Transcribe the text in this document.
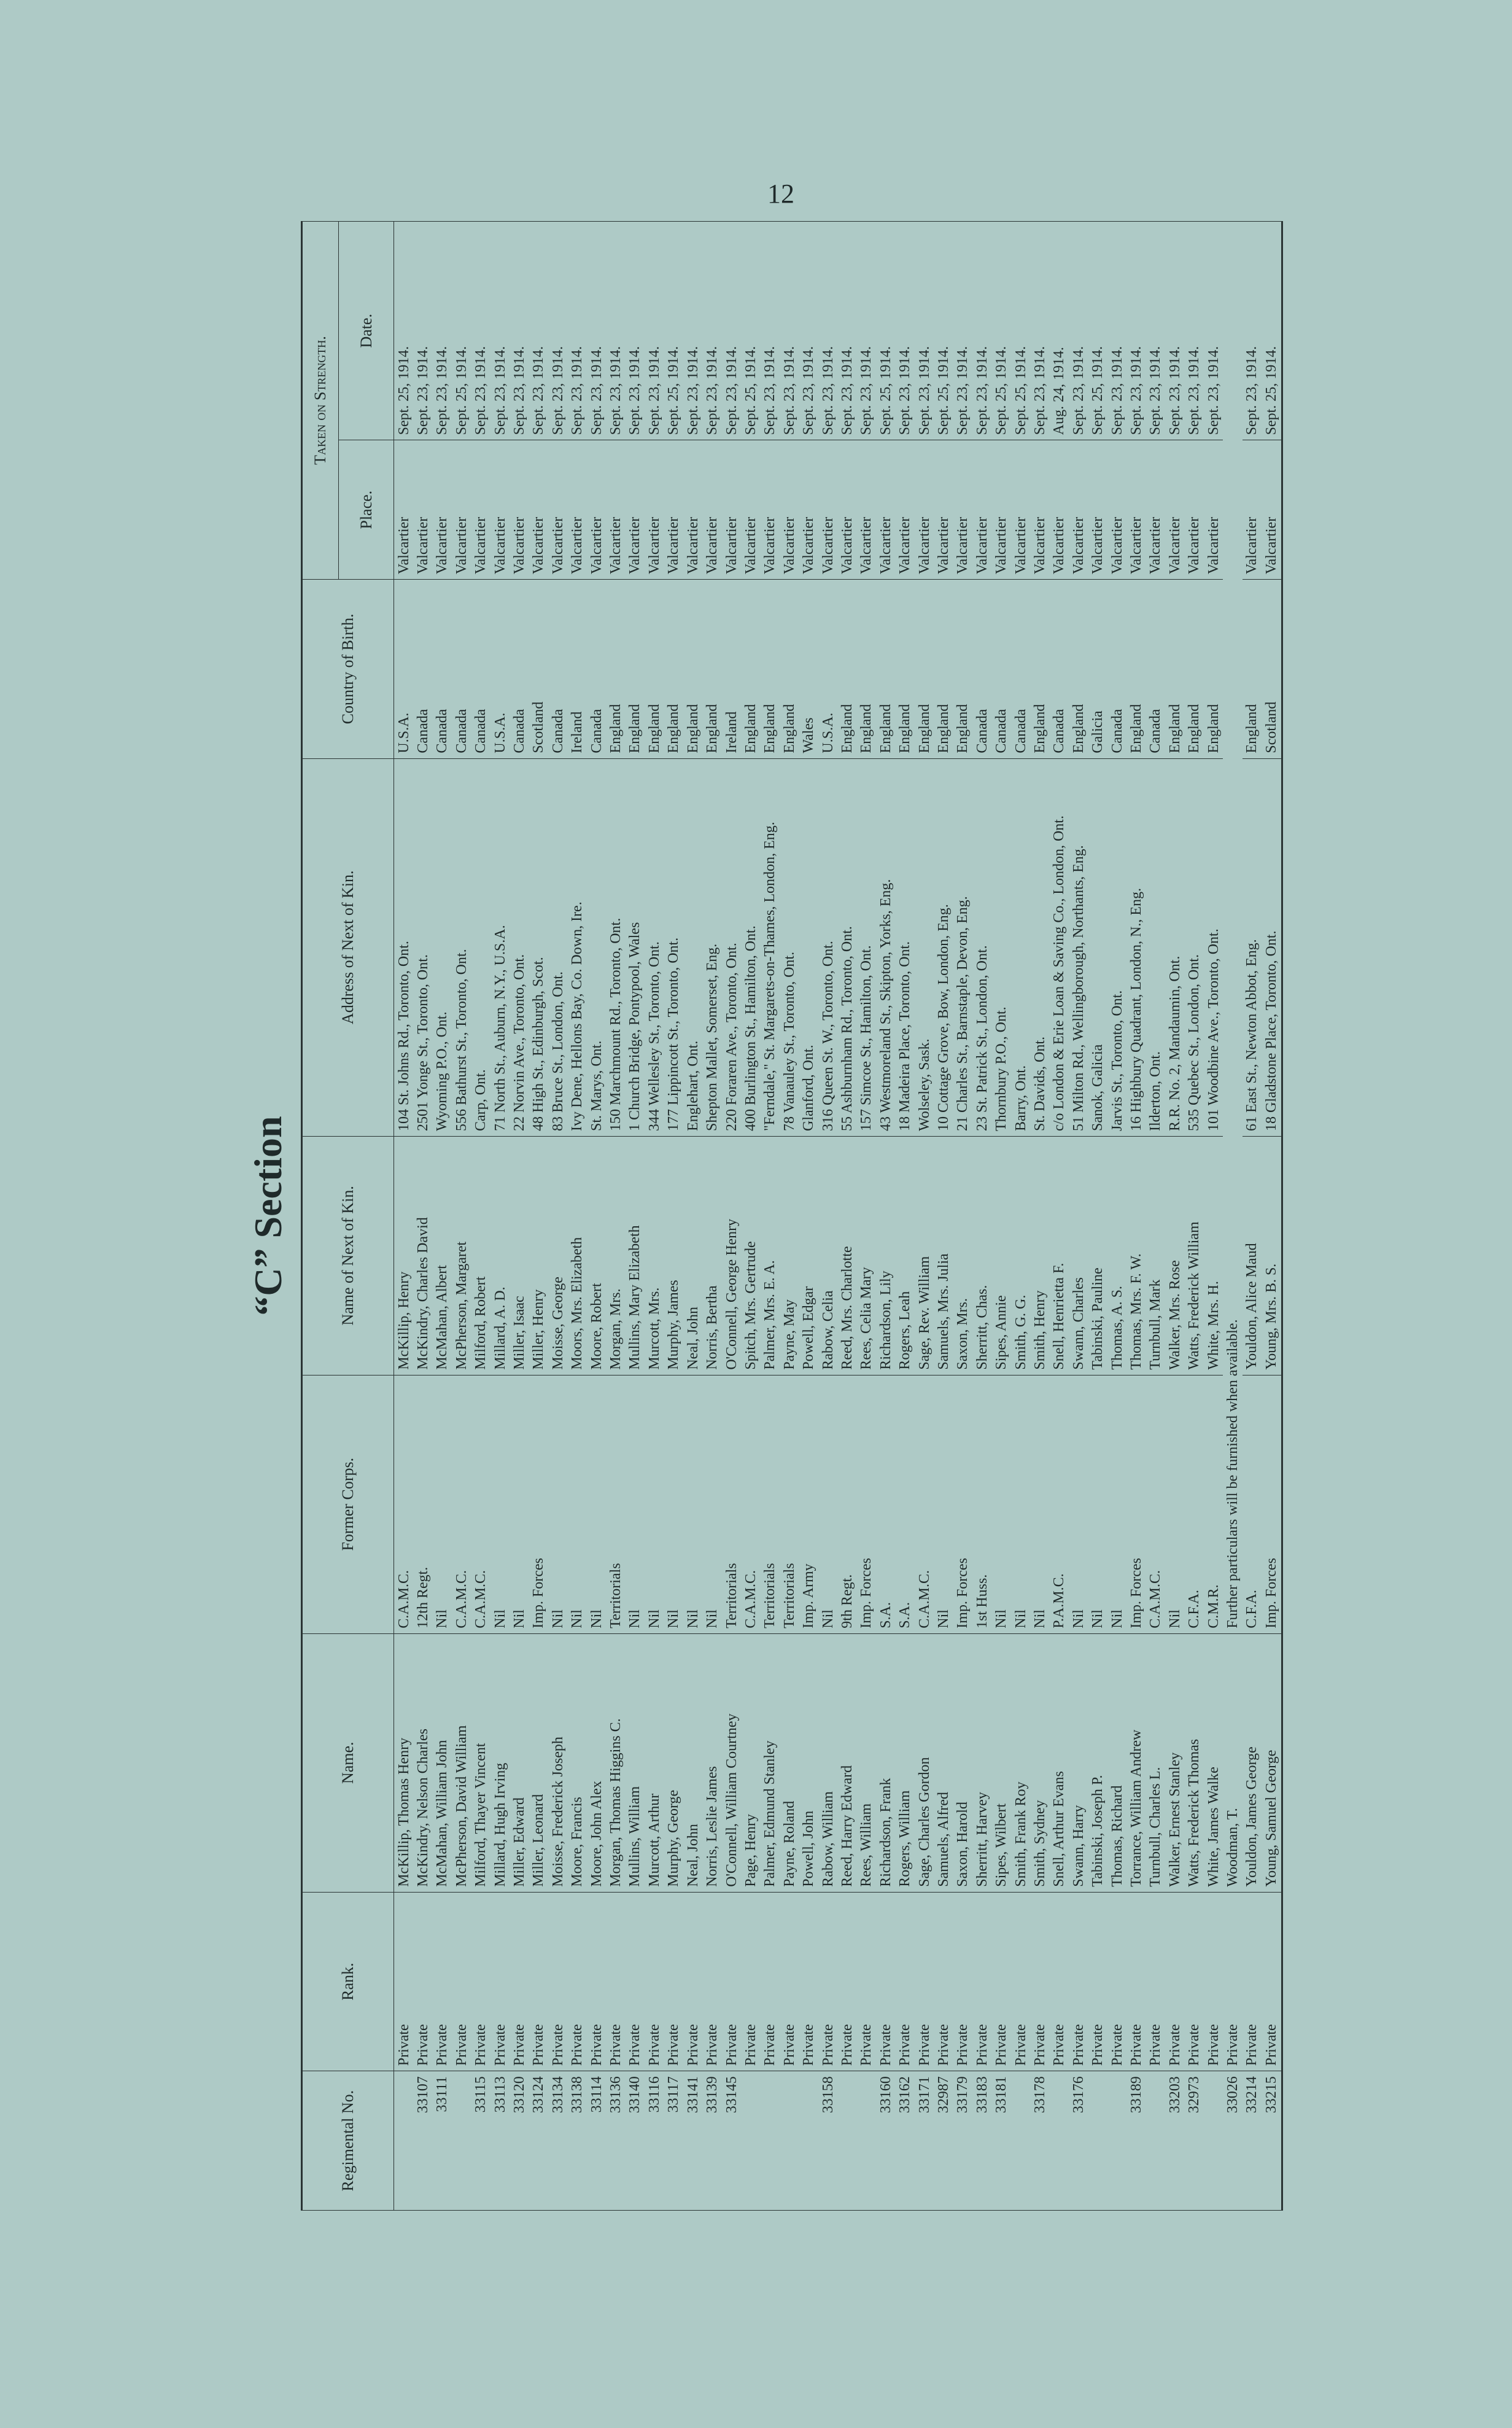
12
“C” Section
Regimental No.	Rank.	Name.	Former Corps.	Name of Next of Kin.	Address of Next of Kin.	Country of Birth.	Taken on Strength.	
							Place.	Date.
	Private	McKillip, Thomas Henry	C.A.M.C.	McKillip, Henry	104 St. Johns Rd., Toronto, Ont.	U.S.A.	Valcartier	Sept. 25, 1914.
33107	Private	McKindry, Nelson Charles	12th Regt.	McKindry, Charles David	2501 Yonge St., Toronto, Ont.	Canada	Valcartier	Sept. 23, 1914.
33111	Private	McMahan, William John	Nil	McMahan, Albert	Wyoming P.O., Ont.	Canada	Valcartier	Sept. 23, 1914.
	Private	McPherson, David William	C.A.M.C.	McPherson, Margaret	556 Bathurst St., Toronto, Ont.	Canada	Valcartier	Sept. 25, 1914.
33115	Private	Milford, Thayer Vincent	C.A.M.C.	Milford, Robert	Carp, Ont.	Canada	Valcartier	Sept. 23, 1914.
33113	Private	Millard, Hugh Irving	Nil	Millard, A. D.	71 North St., Auburn, N.Y., U.S.A.	U.S.A.	Valcartier	Sept. 23, 1914.
33120	Private	Miller, Edward	Nil	Miller, Isaac	22 Norvin Ave., Toronto, Ont.	Canada	Valcartier	Sept. 23, 1914.
33124	Private	Miller, Leonard	Imp. Forces	Miller, Henry	48 High St., Edinburgh, Scot.	Scotland	Valcartier	Sept. 23, 1914.
33134	Private	Moisse, Frederick Joseph	Nil	Moisse, George	83 Bruce St., London, Ont.	Canada	Valcartier	Sept. 23, 1914.
33138	Private	Moore, Francis	Nil	Moors, Mrs. Elizabeth	Ivy Dene, Hellons Bay, Co. Down, Ire.	Ireland	Valcartier	Sept. 23, 1914.
33114	Private	Moore, John Alex	Nil	Moore, Robert	St. Marys, Ont.	Canada	Valcartier	Sept. 23, 1914.
33136	Private	Morgan, Thomas Higgins C.	Territorials	Morgan, Mrs.	150 Marchmount Rd., Toronto, Ont.	England	Valcartier	Sept. 23, 1914.
33140	Private	Mullins, William	Nil	Mullins, Mary Elizabeth	1 Church Bridge, Pontypool, Wales	England	Valcartier	Sept. 23, 1914.
33116	Private	Murcott, Arthur	Nil	Murcott, Mrs.	344 Wellesley St., Toronto, Ont.	England	Valcartier	Sept. 23, 1914.
33117	Private	Murphy, George	Nil	Murphy, James	177 Lippincott St., Toronto, Ont.	England	Valcartier	Sept. 25, 1914.
33141	Private	Neal, John	Nil	Neal, John	Englehart, Ont.	England	Valcartier	Sept. 23, 1914.
33139	Private	Norris, Leslie James	Nil	Norris, Bertha	Shepton Mallet, Somerset, Eng.	England	Valcartier	Sept. 23, 1914.
33145	Private	O'Connell, William Courtney	Territorials	O'Connell, George Henry	220 Foraren Ave., Toronto, Ont.	Ireland	Valcartier	Sept. 23, 1914.
	Private	Page, Henry	C.A.M.C.	Spitch, Mrs. Gertrude	400 Burlington St., Hamilton, Ont.	England	Valcartier	Sept. 25, 1914.
	Private	Palmer, Edmund Stanley	Territorials	Palmer, Mrs. E. A.	"Ferndale," St. Margarets-on-Thames, London, Eng.	England	Valcartier	Sept. 23, 1914.
	Private	Payne, Roland	Territorials	Payne, May	78 Vanauley St., Toronto, Ont.	England	Valcartier	Sept. 23, 1914.
	Private	Powell, John	Imp. Army	Powell, Edgar	Glanford, Ont.	Wales	Valcartier	Sept. 23, 1914.
33158	Private	Rabow, William	Nil	Rabow, Celia	316 Queen St. W., Toronto, Ont.	U.S.A.	Valcartier	Sept. 23, 1914.
	Private	Reed, Harry Edward	9th Regt.	Reed, Mrs. Charlotte	55 Ashburnham Rd., Toronto, Ont.	England	Valcartier	Sept. 23, 1914.
	Private	Rees, William	Imp. Forces	Rees, Celia Mary	157 Simcoe St., Hamilton, Ont.	England	Valcartier	Sept. 23, 1914.
33160	Private	Richardson, Frank	S.A.	Richardson, Lily	43 Westmoreland St., Skipton, Yorks, Eng.	England	Valcartier	Sept. 25, 1914.
33162	Private	Rogers, William	S.A.	Rogers, Leah	18 Madeira Place, Toronto, Ont.	England	Valcartier	Sept. 23, 1914.
33171	Private	Sage, Charles Gordon	C.A.M.C.	Sage, Rev. William	Wolseley, Sask.	England	Valcartier	Sept. 23, 1914.
32987	Private	Samuels, Alfred	Nil	Samuels, Mrs. Julia	10 Cottage Grove, Bow, London, Eng.	England	Valcartier	Sept. 25, 1914.
33179	Private	Saxon, Harold	Imp. Forces	Saxon, Mrs.	21 Charles St., Barnstaple, Devon, Eng.	England	Valcartier	Sept. 23, 1914.
33183	Private	Sherritt, Harvey	1st Huss.	Sherritt, Chas.	23 St. Patrick St., London, Ont.	Canada	Valcartier	Sept. 23, 1914.
33181	Private	Sipes, Wilbert	Nil	Sipes, Annie	Thornbury P.O., Ont.	Canada	Valcartier	Sept. 25, 1914.
	Private	Smith, Frank Roy	Nil	Smith, G. G.	Barry, Ont.	Canada	Valcartier	Sept. 25, 1914.
33178	Private	Smith, Sydney	Nil	Smith, Henry	St. Davids, Ont.	England	Valcartier	Sept. 23, 1914.
	Private	Snell, Arthur Evans	P.A.M.C.	Snell, Henrietta F.	c/o London & Erie Loan & Saving Co., London, Ont.	Canada	Valcartier	Aug. 24, 1914.
33176	Private	Swann, Harry	Nil	Swann, Charles	51 Milton Rd., Wellingborough, Northants, Eng.	England	Valcartier	Sept. 23, 1914.
	Private	Tabinski, Joseph P.	Nil	Tabinski, Pauline	Sanok, Galicia	Galicia	Valcartier	Sept. 25, 1914.
	Private	Thomas, Richard	Nil	Thomas, A. S.	Jarvis St., Toronto, Ont.	Canada	Valcartier	Sept. 23, 1914.
33189	Private	Torrance, William Andrew	Imp. Forces	Thomas, Mrs. F. W.	16 Highbury Quadrant, London, N., Eng.	England	Valcartier	Sept. 23, 1914.
	Private	Turnbull, Charles L.	C.A.M.C.	Turnbull, Mark	Ilderton, Ont.	Canada	Valcartier	Sept. 23, 1914.
33203	Private	Walker, Ernest Stanley	Nil	Walker, Mrs. Rose	R.R. No. 2, Mandaumin, Ont.	England	Valcartier	Sept. 23, 1914.
32973	Private	Watts, Frederick Thomas	C.F.A.	Watts, Frederick William	535 Quebec St., London, Ont.	England	Valcartier	Sept. 23, 1914.
	Private	White, James Walke	C.M.R.	White, Mrs. H.	101 Woodbine Ave., Toronto, Ont.	England	Valcartier	Sept. 23, 1914.
33026	Private	Woodman, T.	Further particulars will be furnished when available.					
33214	Private	Youldon, James George	C.F.A.	Youldon, Alice Maud	61 East St., Newton Abbot, Eng.	England	Valcartier	Sept. 23, 1914.
33215	Private	Young, Samuel George	Imp. Forces	Young, Mrs. B. S.	18 Gladstone Place, Toronto, Ont.	Scotland	Valcartier	Sept. 25, 1914.
